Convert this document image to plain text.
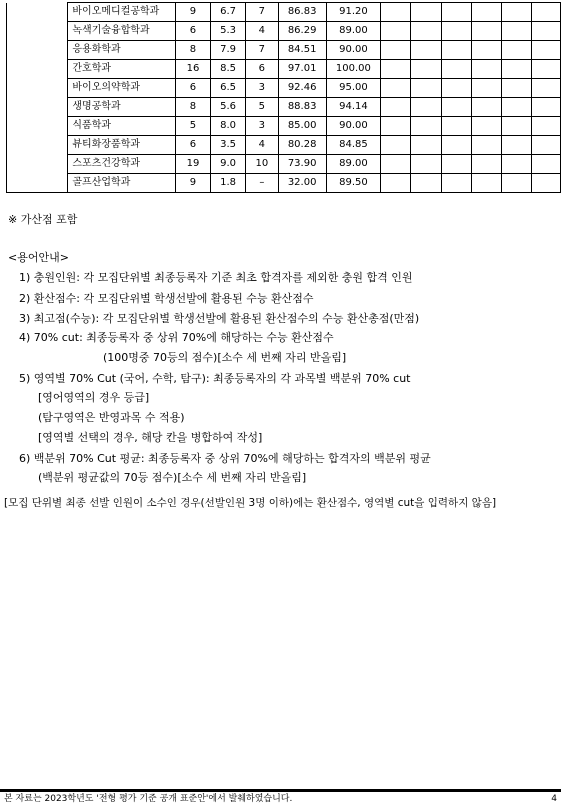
	바이오메디컬공학과	9	6.7	7	86.83	91.20						
	녹색기술융합학과	6	5.3	4	86.29	89.00						
	응용화학과	8	7.9	7	84.51	90.00						
	간호학과	16	8.5	6	97.01	100.00						
	바이오의약학과	6	6.5	3	92.46	95.00						
	생명공학과	8	5.6	5	88.83	94.14						
	식품학과	5	8.0	3	85.00	90.00						
	뷰티화장품학과	6	3.5	4	80.28	84.85						
	스포츠건강학과	19	9.0	10	73.90	89.00						
	골프산업학과	9	1.8	–	32.00	89.50						
※ 가산점 포함
<용어안내>
1) 충원인원: 각 모집단위별 최종등록자 기준 최초 합격자를 제외한 충원 합격 인원
2) 환산점수: 각 모집단위별 학생선발에 활용된 수능 환산점수
3) 최고점(수능): 각 모집단위별 학생선발에 활용된 환산점수의 수능 환산총점(만점)
4) 70% cut: 최종등록자 중 상위 70%에 해당하는 수능 환산점수
(100명중 70등의 점수)[소수 세 번째 자리 반올림]
5) 영역별 70% Cut (국어, 수학, 탐구): 최종등록자의 각 과목별 백분위 70% cut
[영어영역의 경우 등급]
(탐구영역은 반영과목 수 적용)
[영역별 선택의 경우, 해당 칸을 병합하여 작성]
6) 백분위 70% Cut 평균: 최종등록자 중 상위 70%에 해당하는 합격자의 백분위 평균
(백분위 평균값의 70등 점수)[소수 세 번째 자리 반올림]
[모집 단위별 최종 선발 인원이 소수인 경우(선발인원 3명 이하)에는 환산점수, 영역별 cut을 입력하지 않음]
본 자료는 2023학년도 '전형 평가 기준 공개 표준안'에서 발췌하였습니다.	4
